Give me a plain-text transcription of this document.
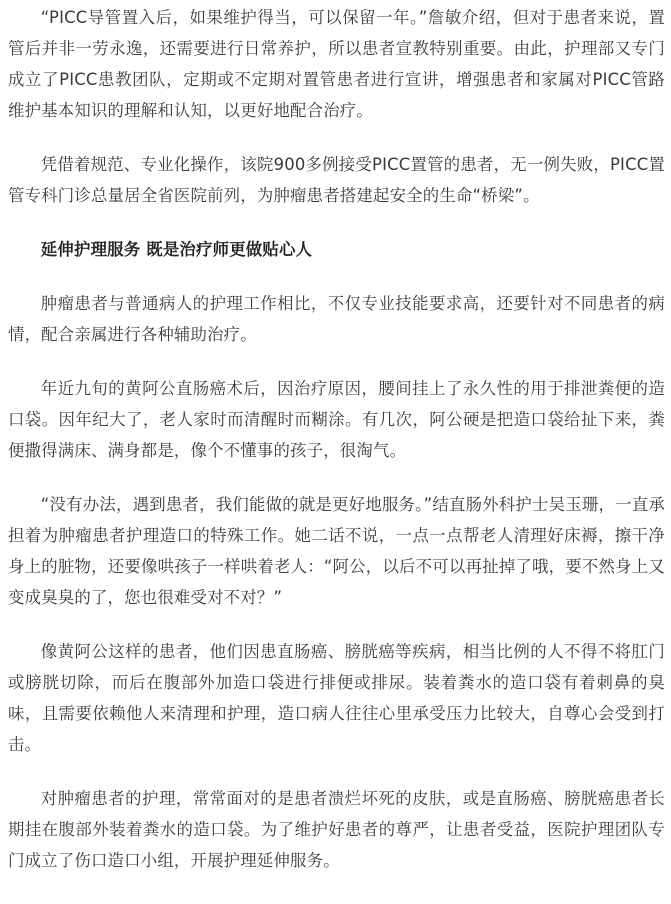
“PICC导管置入后，如果维护得当，可以保留一年。”詹敏介绍，但对于患者来说，置管后并非一劳永逸，还需要进行日常养护，所以患者宣教特别重要。由此，护理部又专门成立了PICC患教团队，定期或不定期对置管患者进行宣讲，增强患者和家属对PICC管路维护基本知识的理解和认知，以更好地配合治疗。

凭借着规范、专业化操作，该院900多例接受PICC置管的患者，无一例失败，PICC置管专科门诊总量居全省医院前列，为肿瘤患者搭建起安全的生命“桥梁”。

延伸护理服务 既是治疗师更做贴心人

肿瘤患者与普通病人的护理工作相比，不仅专业技能要求高，还要针对不同患者的病情，配合亲属进行各种辅助治疗。

年近九旬的黄阿公直肠癌术后，因治疗原因，腰间挂上了永久性的用于排泄粪便的造口袋。因年纪大了，老人家时而清醒时而糊涂。有几次，阿公硬是把造口袋给扯下来，粪便撒得满床、满身都是，像个不懂事的孩子，很淘气。

“没有办法，遇到患者，我们能做的就是更好地服务。”结直肠外科护士吴玉珊，一直承担着为肿瘤患者护理造口的特殊工作。她二话不说，一点一点帮老人清理好床褥，擦干净身上的脏物，还要像哄孩子一样哄着老人：“阿公，以后不可以再扯掉了哦，要不然身上又变成臭臭的了，您也很难受对不对？”

像黄阿公这样的患者，他们因患直肠癌、膀胱癌等疾病，相当比例的人不得不将肛门或膀胱切除，而后在腹部外加造口袋进行排便或排尿。装着粪水的造口袋有着刺鼻的臭味，且需要依赖他人来清理和护理，造口病人往往心里承受压力比较大，自尊心会受到打击。

对肿瘤患者的护理，常常面对的是患者溃烂坏死的皮肤，或是直肠癌、膀胱癌患者长期挂在腹部外装着粪水的造口袋。为了维护好患者的尊严，让患者受益，医院护理团队专门成立了伤口造口小组，开展护理延伸服务。
